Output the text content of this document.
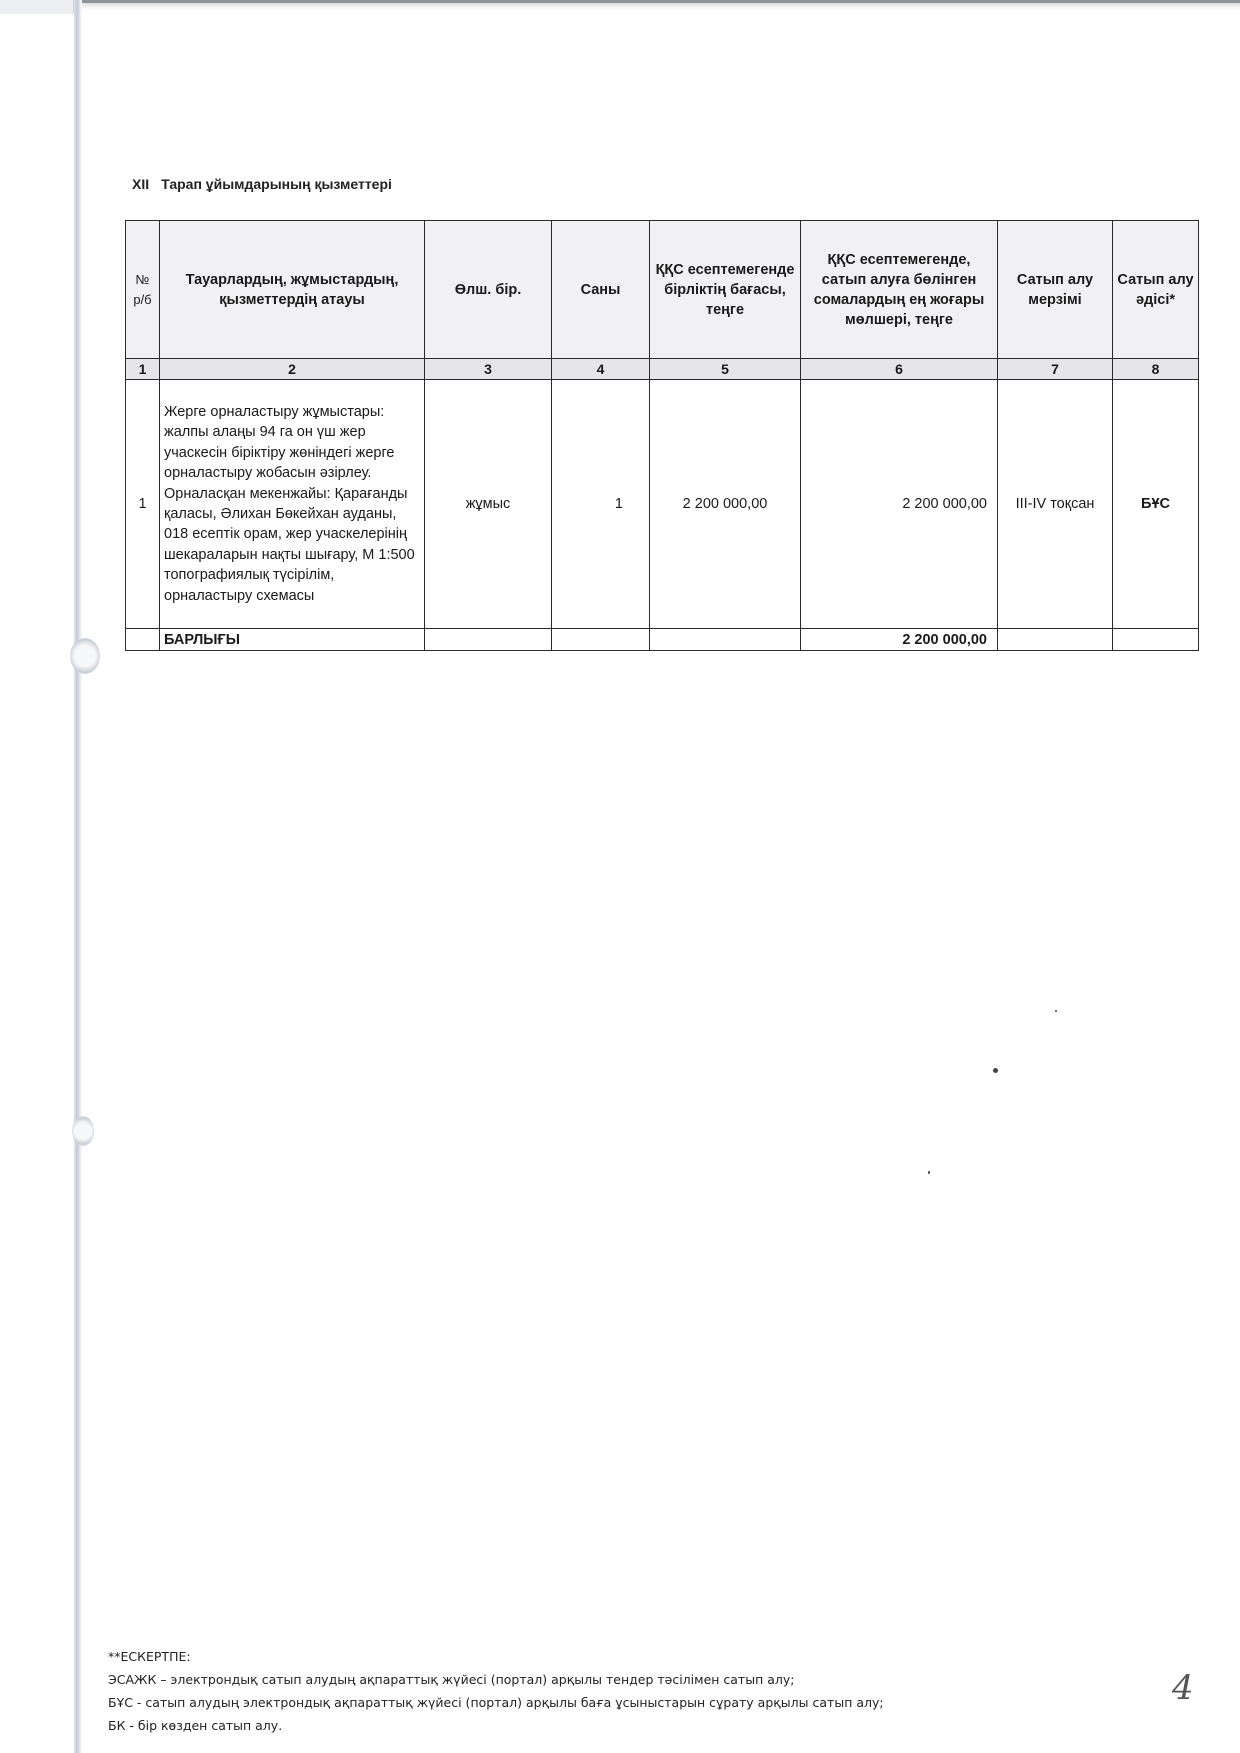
XII Тарап ұйымдарының қызметтері
№ р/б	Тауарлардың, жұмыстардың, қызметтердің атауы	Өлш. бір.	Саны	ҚҚС есептемегенде бірліктің бағасы, теңге	ҚҚС есептемегенде, сатып алуға бөлінген сомалардың ең жоғары мөлшері, теңге	Сатып алу мерзімі	Сатып алу әдісі*
1	2	3	4	5	6	7	8
1	Жерге орналастыру жұмыстары: жалпы алаңы 94 га он үш жер учаскесін біріктіру жөніндегі жерге орналастыру жобасын әзірлеу. Орналасқан мекенжайы: Қарағанды қаласы, Әлихан Бөкейхан ауданы, 018 есептік орам, жер учаскелерінің шекараларын нақты шығару, М 1:500 топографиялық түсірілім, орналастыру схемасы	жұмыс	1	2 200 000,00	2 200 000,00	ІІІ-ІV тоқсан	БҰС
	БАРЛЫҒЫ				2 200 000,00		
**ЕСКЕРТПЕ:
ЭСАЖК – электрондық сатып алудың ақпараттық жүйесі (портал) арқылы тендер тәсілімен сатып алу;
БҰС - сатып алудың электрондық ақпараттық жүйесі (портал) арқылы баға ұсыныстарын сұрату арқылы сатып алу;
БК - бір көзден сатып алу.
4
